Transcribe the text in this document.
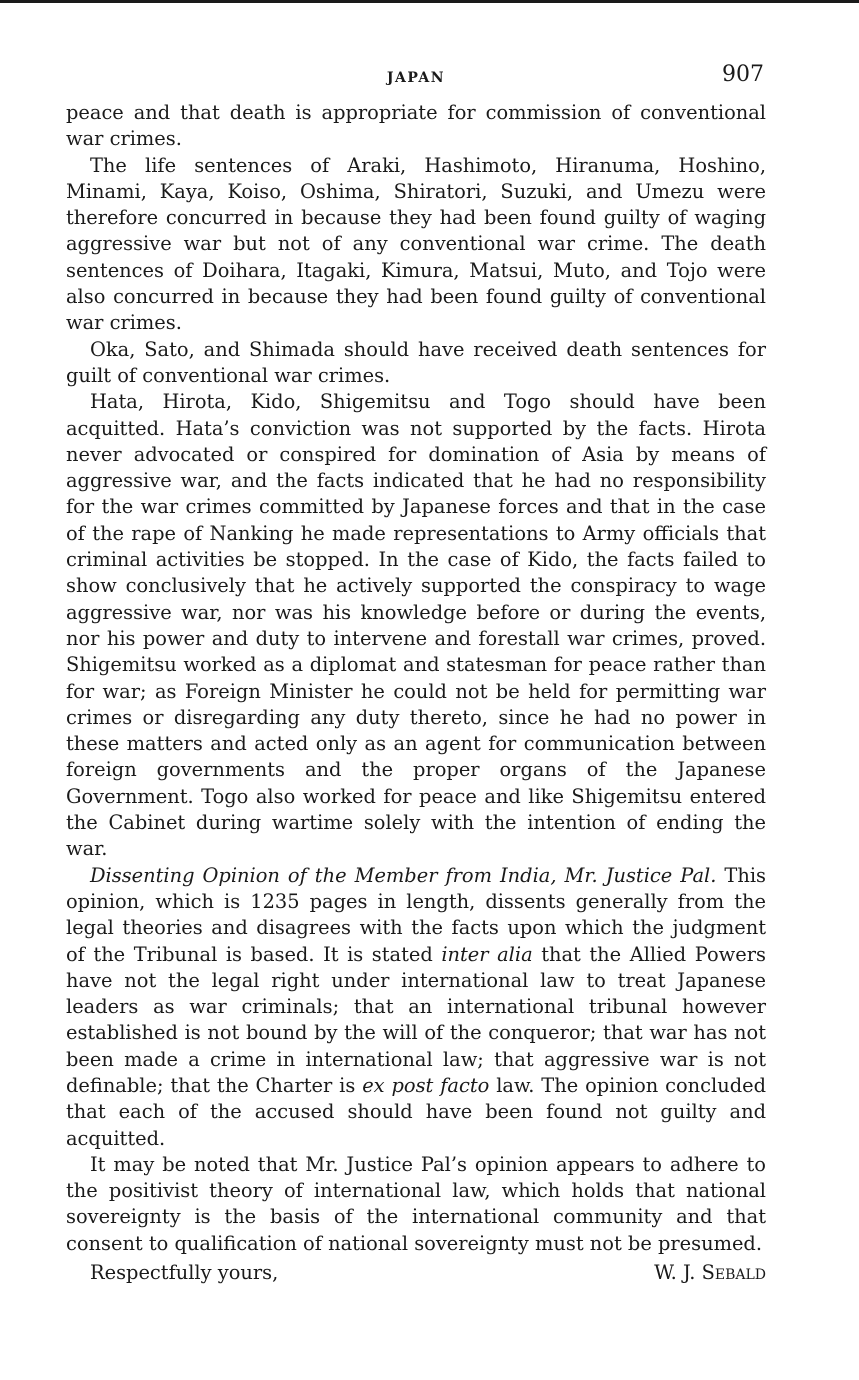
JAPAN	907

peace and that death is appropriate for commission of conventional war crimes.

The life sentences of Araki, Hashimoto, Hiranuma, Hoshino, Minami, Kaya, Koiso, Oshima, Shiratori, Suzuki, and Umezu were therefore concurred in because they had been found guilty of waging aggressive war but not of any conventional war crime. The death sentences of Doihara, Itagaki, Kimura, Matsui, Muto, and Tojo were also concurred in because they had been found guilty of conventional war crimes.

Oka, Sato, and Shimada should have received death sentences for guilt of conventional war crimes.

Hata, Hirota, Kido, Shigemitsu and Togo should have been acquitted. Hata’s conviction was not supported by the facts. Hirota never advocated or conspired for domination of Asia by means of aggressive war, and the facts indicated that he had no responsibility for the war crimes committed by Japanese forces and that in the case of the rape of Nanking he made representations to Army officials that criminal activities be stopped. In the case of Kido, the facts failed to show conclusively that he actively supported the conspiracy to wage aggressive war, nor was his knowledge before or during the events, nor his power and duty to intervene and forestall war crimes, proved. Shigemitsu worked as a diplomat and statesman for peace rather than for war; as Foreign Minister he could not be held for permitting war crimes or disregarding any duty thereto, since he had no power in these matters and acted only as an agent for communication between foreign governments and the proper organs of the Japanese Government. Togo also worked for peace and like Shigemitsu entered the Cabinet during wartime solely with the intention of ending the war.

Dissenting Opinion of the Member from India, Mr. Justice Pal. This opinion, which is 1235 pages in length, dissents generally from the legal theories and disagrees with the facts upon which the judgment of the Tribunal is based. It is stated inter alia that the Allied Powers have not the legal right under international law to treat Japanese leaders as war criminals; that an international tribunal however established is not bound by the will of the conqueror; that war has not been made a crime in international law; that aggressive war is not definable; that the Charter is ex post facto law. The opinion concluded that each of the accused should have been found not guilty and acquitted.

It may be noted that Mr. Justice Pal’s opinion appears to adhere to the positivist theory of international law, which holds that national sovereignty is the basis of the international community and that consent to qualification of national sovereignty must not be presumed.

Respectfully yours,	W. J. Sebald
